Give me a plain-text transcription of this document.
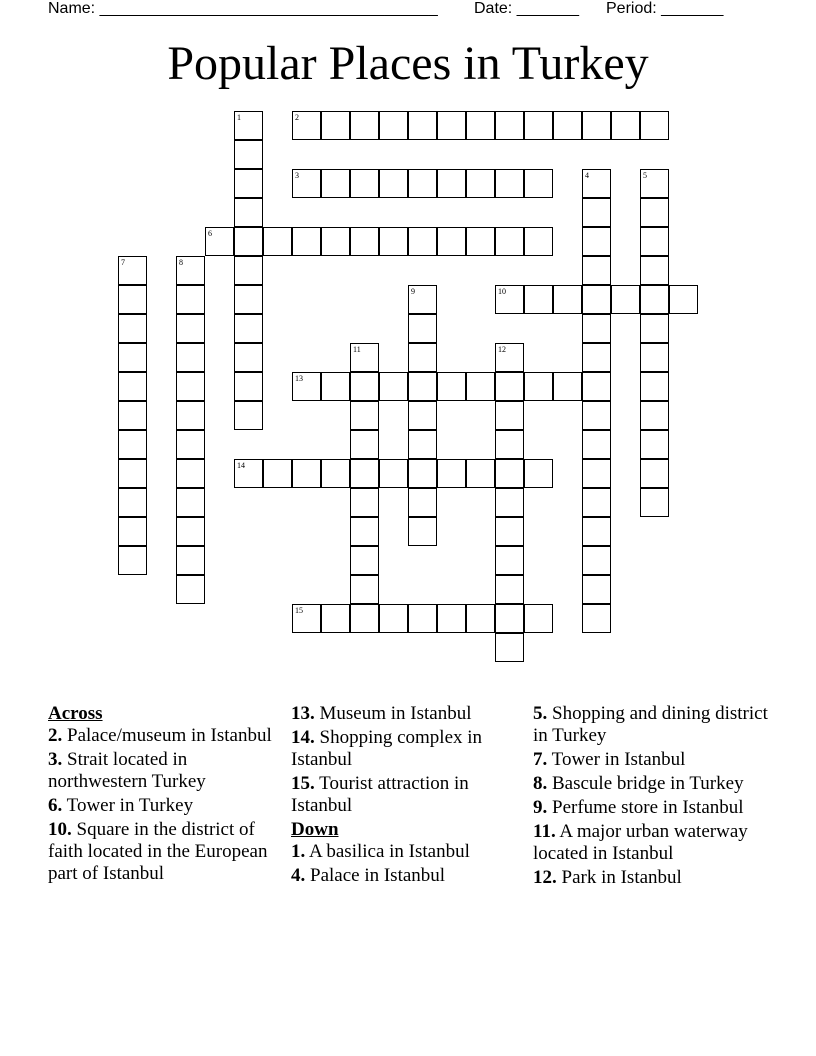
Name: ______________________________________ Date: _______ Period: _______
Popular Places in Turkey
1	2
3	4	5
6
7	8
9	10
11	12
13
14
15
Across
2. Palace/museum in Istanbul
3. Strait located in northwestern Turkey
6. Tower in Turkey
10. Square in the district of faith located in the European part of Istanbul
13. Museum in Istanbul
14. Shopping complex in Istanbul
15. Tourist attraction in Istanbul
Down
1. A basilica in Istanbul
4. Palace in Istanbul
5. Shopping and dining district in Turkey
7. Tower in Istanbul
8. Bascule bridge in Turkey
9. Perfume store in Istanbul
11. A major urban waterway located in Istanbul
12. Park in Istanbul
